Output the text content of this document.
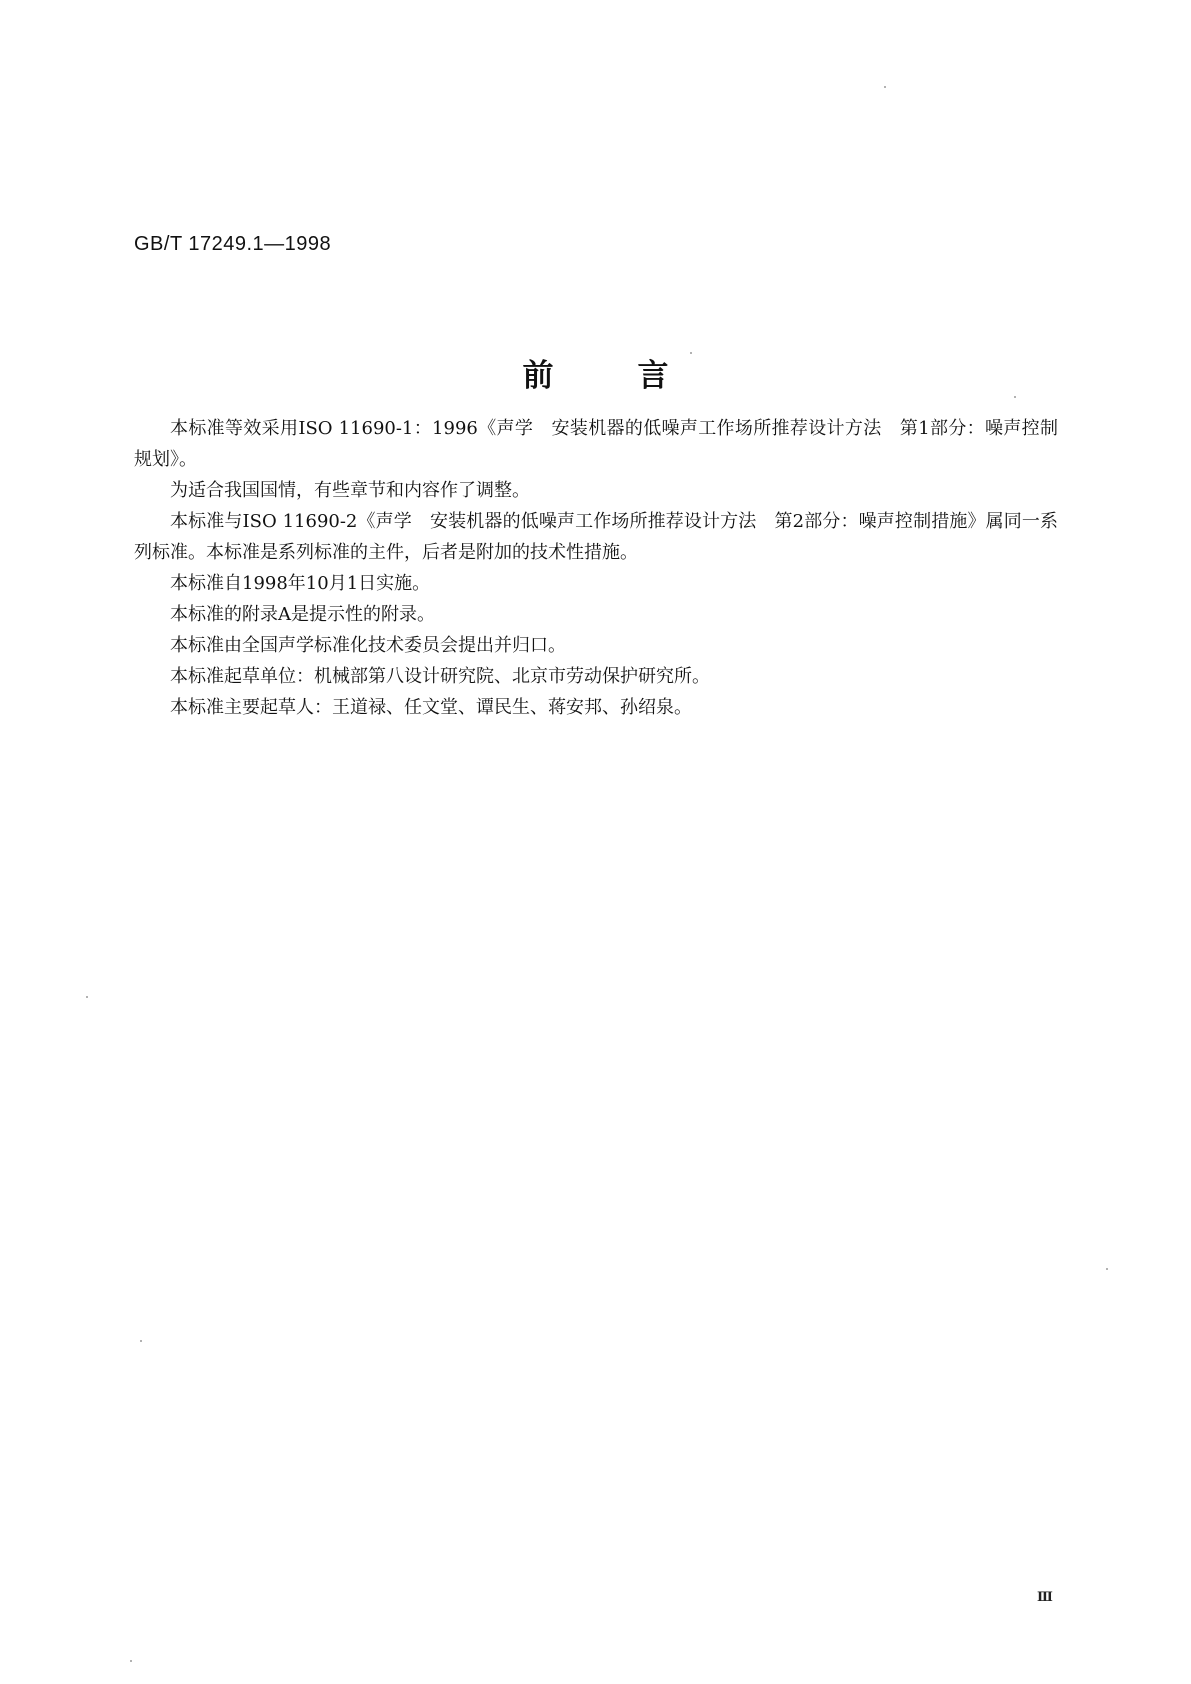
GB/T 17249.1—1998
前言

本标准等效采用ISO 11690-1：1996《声学　安装机器的低噪声工作场所推荐设计方法　第1部分：噪声控制规划》。

为适合我国国情，有些章节和内容作了调整。

本标准与ISO 11690-2《声学　安装机器的低噪声工作场所推荐设计方法　第2部分：噪声控制措施》属同一系列标准。本标准是系列标准的主件，后者是附加的技术性措施。

本标准自1998年10月1日实施。

本标准的附录A是提示性的附录。

本标准由全国声学标准化技术委员会提出并归口。

本标准起草单位：机械部第八设计研究院、北京市劳动保护研究所。

本标准主要起草人：王道禄、任文堂、谭民生、蒋安邦、孙绍泉。

Ⅲ
